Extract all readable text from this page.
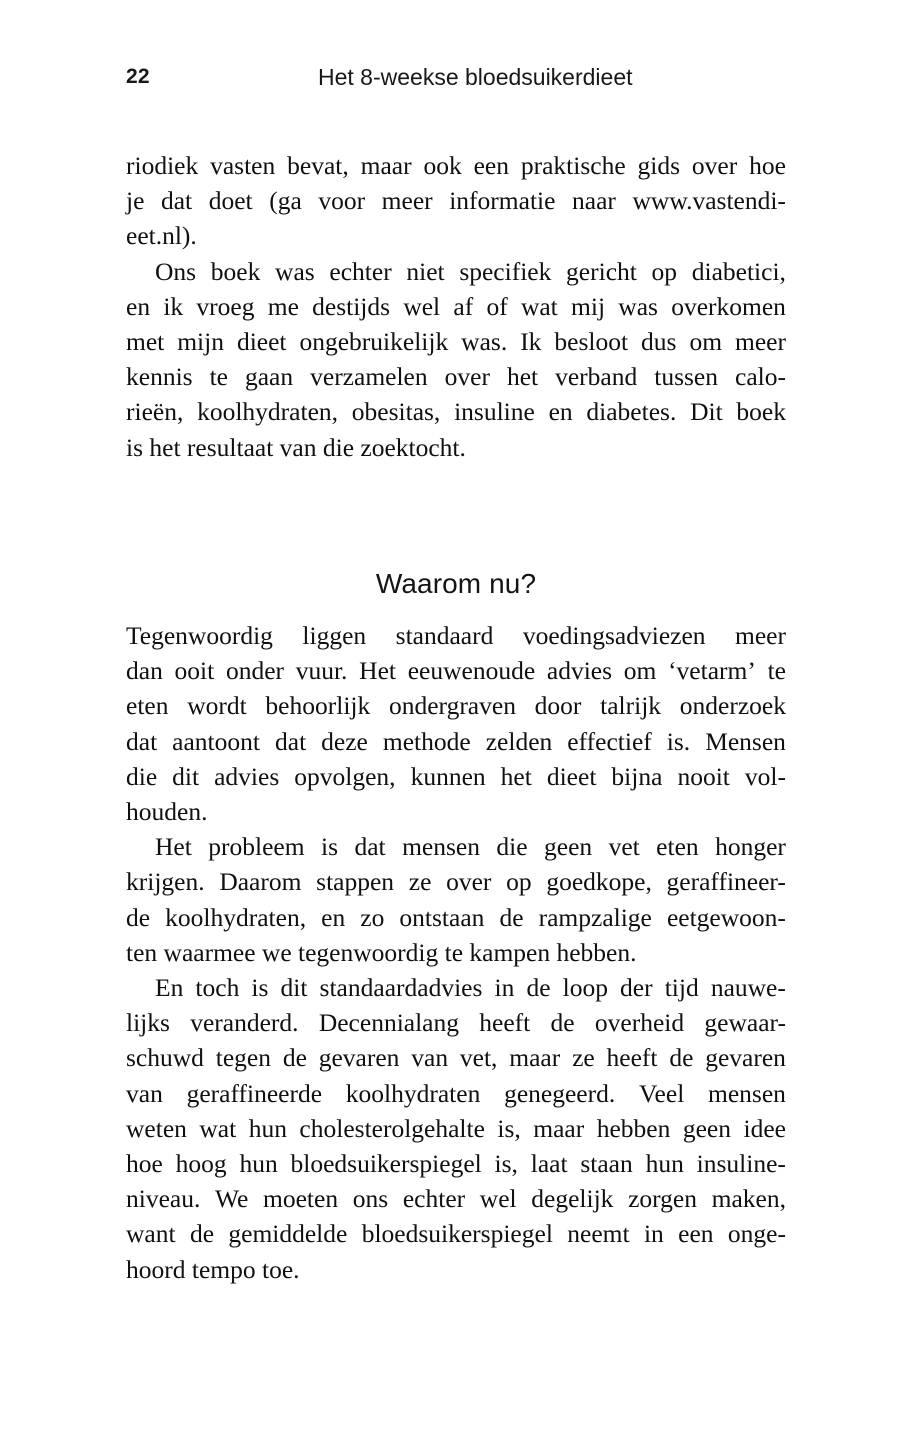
22	Het 8-weekse bloedsuikerdieet

riodiek vasten bevat, maar ook een praktische gids over hoe
je dat doet (ga voor meer informatie naar www.vastendi-
eet.nl).

Ons boek was echter niet specifiek gericht op diabetici,
en ik vroeg me destijds wel af of wat mij was overkomen
met mijn dieet ongebruikelijk was. Ik besloot dus om meer
kennis te gaan verzamelen over het verband tussen calo-
rieën, koolhydraten, obesitas, insuline en diabetes. Dit boek
is het resultaat van die zoektocht.

Waarom nu?

Tegenwoordig liggen standaard voedingsadviezen meer
dan ooit onder vuur. Het eeuwenoude advies om ‘vetarm’ te
eten wordt behoorlijk ondergraven door talrijk onderzoek
dat aantoont dat deze methode zelden effectief is. Mensen
die dit advies opvolgen, kunnen het dieet bijna nooit vol-
houden.

Het probleem is dat mensen die geen vet eten honger
krijgen. Daarom stappen ze over op goedkope, geraffineer-
de koolhydraten, en zo ontstaan de rampzalige eetgewoon-
ten waarmee we tegenwoordig te kampen hebben.

En toch is dit standaardadvies in de loop der tijd nauwe-
lijks veranderd. Decennialang heeft de overheid gewaar-
schuwd tegen de gevaren van vet, maar ze heeft de gevaren
van geraffineerde koolhydraten genegeerd. Veel mensen
weten wat hun cholesterolgehalte is, maar hebben geen idee
hoe hoog hun bloedsuikerspiegel is, laat staan hun insuline-
niveau. We moeten ons echter wel degelijk zorgen maken,
want de gemiddelde bloedsuikerspiegel neemt in een onge-
hoord tempo toe.
